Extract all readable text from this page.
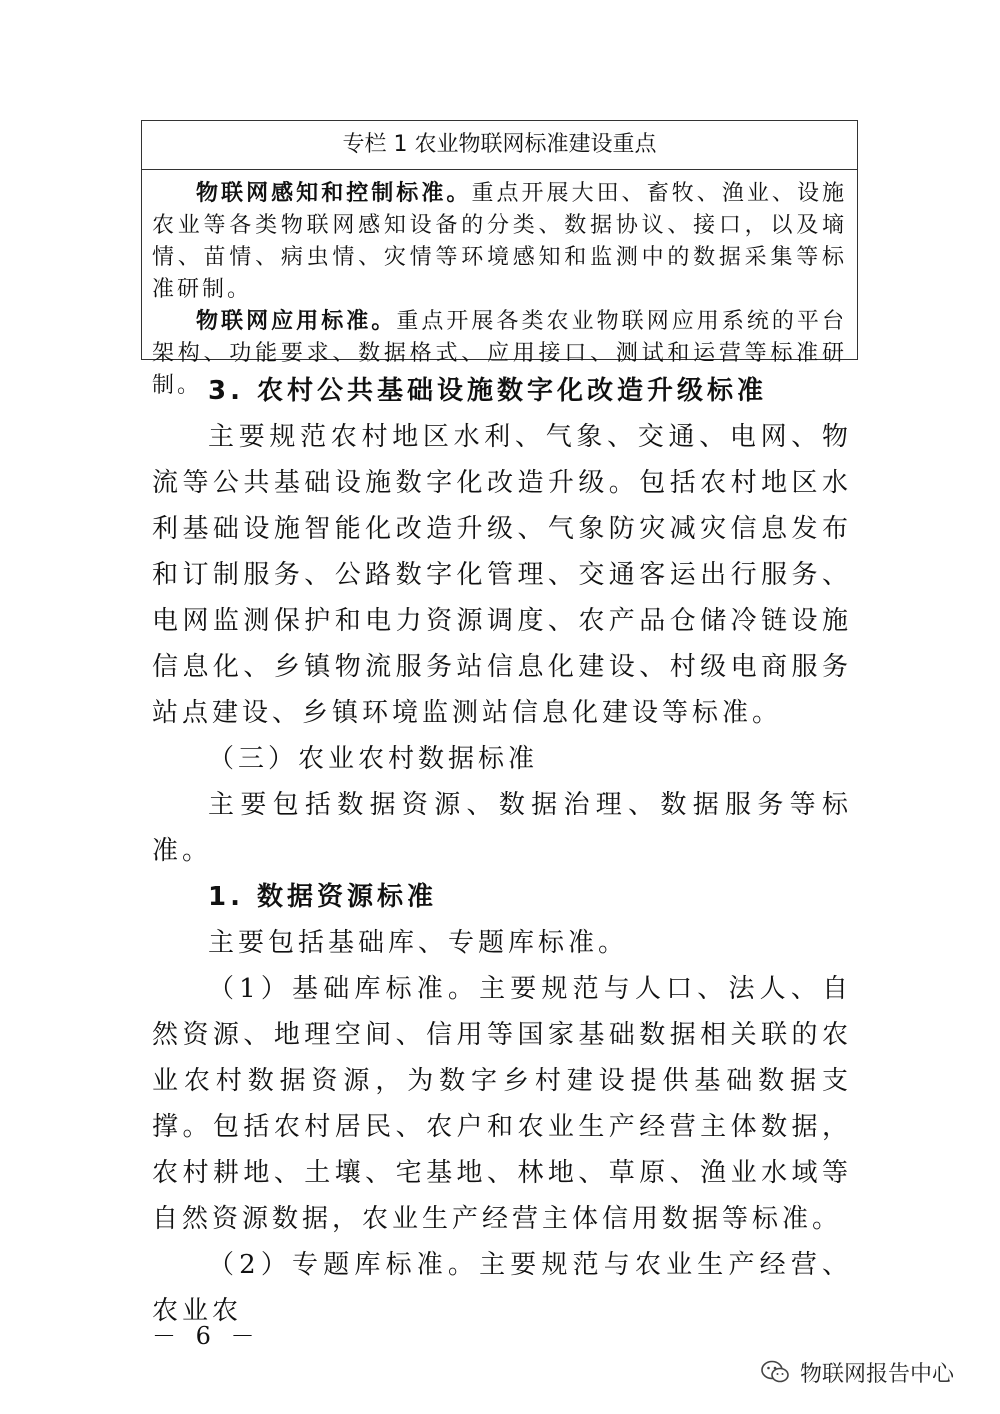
专栏 1 农业物联网标准建设重点

物联网感知和控制标准。重点开展大田、畜牧、渔业、设施农业等各类物联网感知设备的分类、数据协议、接口，以及墒情、苗情、病虫情、灾情等环境感知和监测中的数据采集等标准研制。

物联网应用标准。重点开展各类农业物联网应用系统的平台架构、功能要求、数据格式、应用接口、测试和运营等标准研制。 3. 农村公共基础设施数字化改造升级标准

主要规范农村地区水利、气象、交通、电网、物流等公共基础设施数字化改造升级。包括农村地区水利基础设施智能化改造升级、气象防灾减灾信息发布和订制服务、公路数字化管理、交通客运出行服务、电网监测保护和电力资源调度、农产品仓储冷链设施信息化、乡镇物流服务站信息化建设、村级电商服务站点建设、乡镇环境监测站信息化建设等标准。

（三）农业农村数据标准

主要包括数据资源、数据治理、数据服务等标准。

1. 数据资源标准

主要包括基础库、专题库标准。

（1）基础库标准。主要规范与人口、法人、自然资源、地理空间、信用等国家基础数据相关联的农业农村数据资源，为数字乡村建设提供基础数据支撑。包括农村居民、农户和农业生产经营主体数据，农村耕地、土壤、宅基地、林地、草原、渔业水域等自然资源数据，农业生产经营主体信用数据等标准。

（2）专题库标准。主要规范与农业生产经营、农业农

－ 6 －
物联网报告中心
